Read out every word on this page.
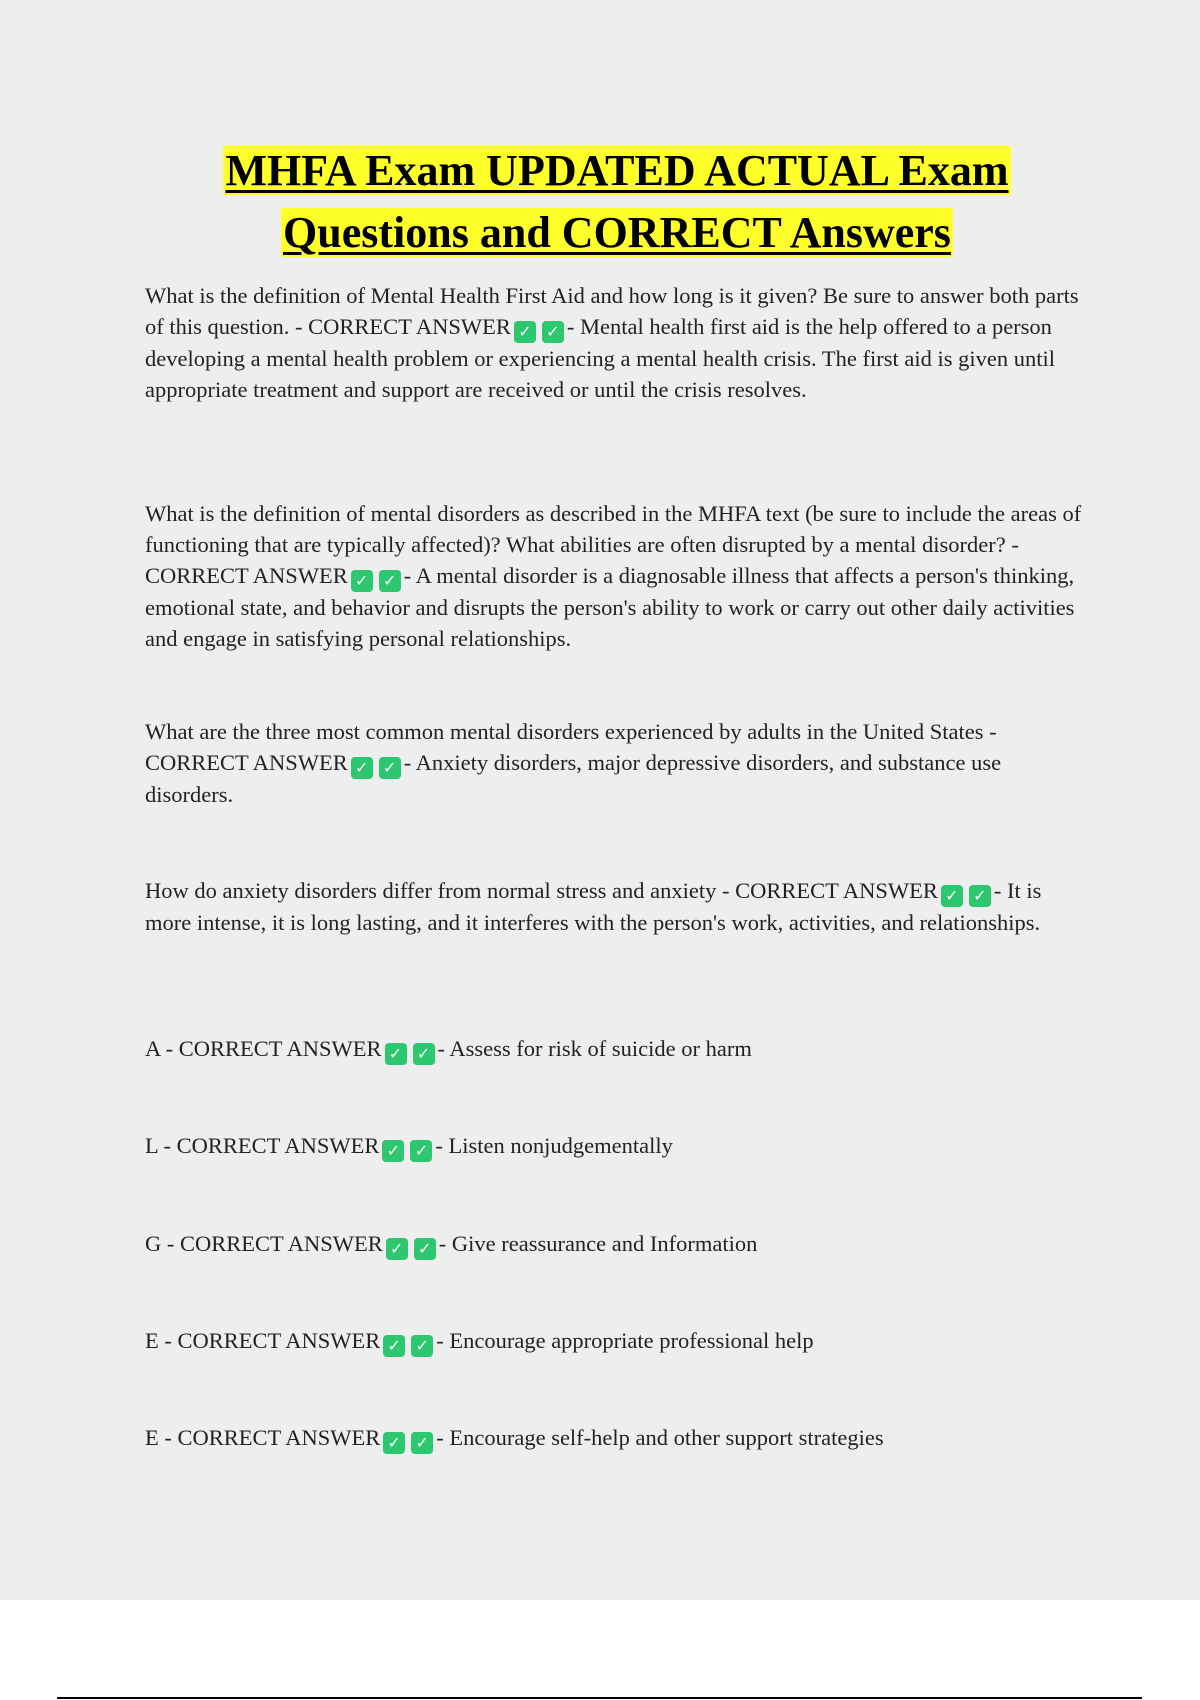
MHFA Exam UPDATED ACTUAL Exam
Questions and CORRECT Answers

What is the definition of Mental Health First Aid and how long is it given? Be sure to answer both parts of this question. - CORRECT ANSWER ✓ ✓ - Mental health first aid is the help offered to a person developing a mental health problem or experiencing a mental health crisis. The first aid is given until appropriate treatment and support are received or until the crisis resolves.

What is the definition of mental disorders as described in the MHFA text (be sure to include the areas of functioning that are typically affected)? What abilities are often disrupted by a mental disorder? - CORRECT ANSWER ✓ ✓ - A mental disorder is a diagnosable illness that affects a person's thinking, emotional state, and behavior and disrupts the person's ability to work or carry out other daily activities and engage in satisfying personal relationships.

What are the three most common mental disorders experienced by adults in the United States - CORRECT ANSWER ✓ ✓ - Anxiety disorders, major depressive disorders, and substance use disorders.

How do anxiety disorders differ from normal stress and anxiety - CORRECT ANSWER ✓ ✓ - It is more intense, it is long lasting, and it interferes with the person's work, activities, and relationships.

A - CORRECT ANSWER ✓ ✓ - Assess for risk of suicide or harm

L - CORRECT ANSWER ✓ ✓ - Listen nonjudgementally

G - CORRECT ANSWER ✓ ✓ - Give reassurance and Information

E - CORRECT ANSWER ✓ ✓ - Encourage appropriate professional help

E - CORRECT ANSWER ✓ ✓ - Encourage self-help and other support strategies
